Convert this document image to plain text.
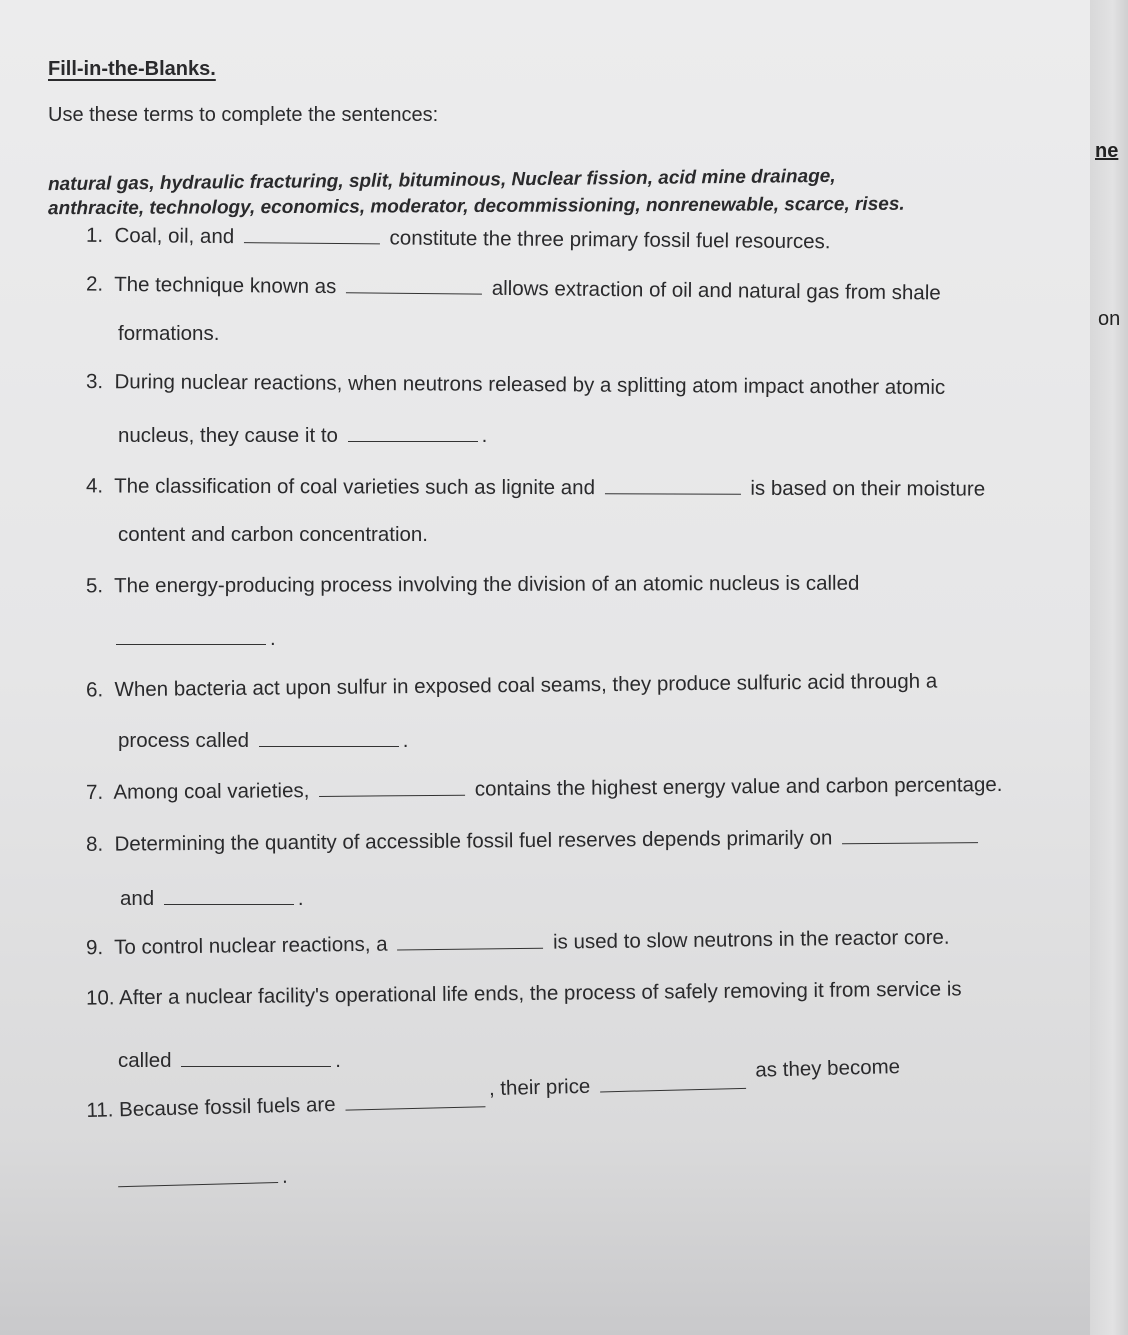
Fill-in-the-Blanks.
Use these terms to complete the sentences:
natural gas, hydraulic fracturing, split, bituminous, Nuclear fission, acid mine drainage,
anthracite, technology, economics, moderator, decommissioning, nonrenewable, scarce, rises.
ne
on
1. Coal, oil, and	constitute the three primary fossil fuel resources.
2. The technique known as	allows extraction of oil and natural gas from shale
formations.
3. During nuclear reactions, when neutrons released by a splitting atom impact another atomic
nucleus, they cause it to	.
4. The classification of coal varieties such as lignite and	is based on their moisture
content and carbon concentration.
5. The energy-producing process involving the division of an atomic nucleus is called
.
6. When bacteria act upon sulfur in exposed coal seams, they produce sulfuric acid through a
process called	.
7. Among coal varieties,	contains the highest energy value and carbon percentage.
8. Determining the quantity of accessible fossil fuel reserves depends primarily on
and	.
9. To control nuclear reactions, a	is used to slow neutrons in the reactor core.
10. After a nuclear facility's operational life ends, the process of safely removing it from service is
called	.
11. Because fossil fuels are , their price  as they become
.
